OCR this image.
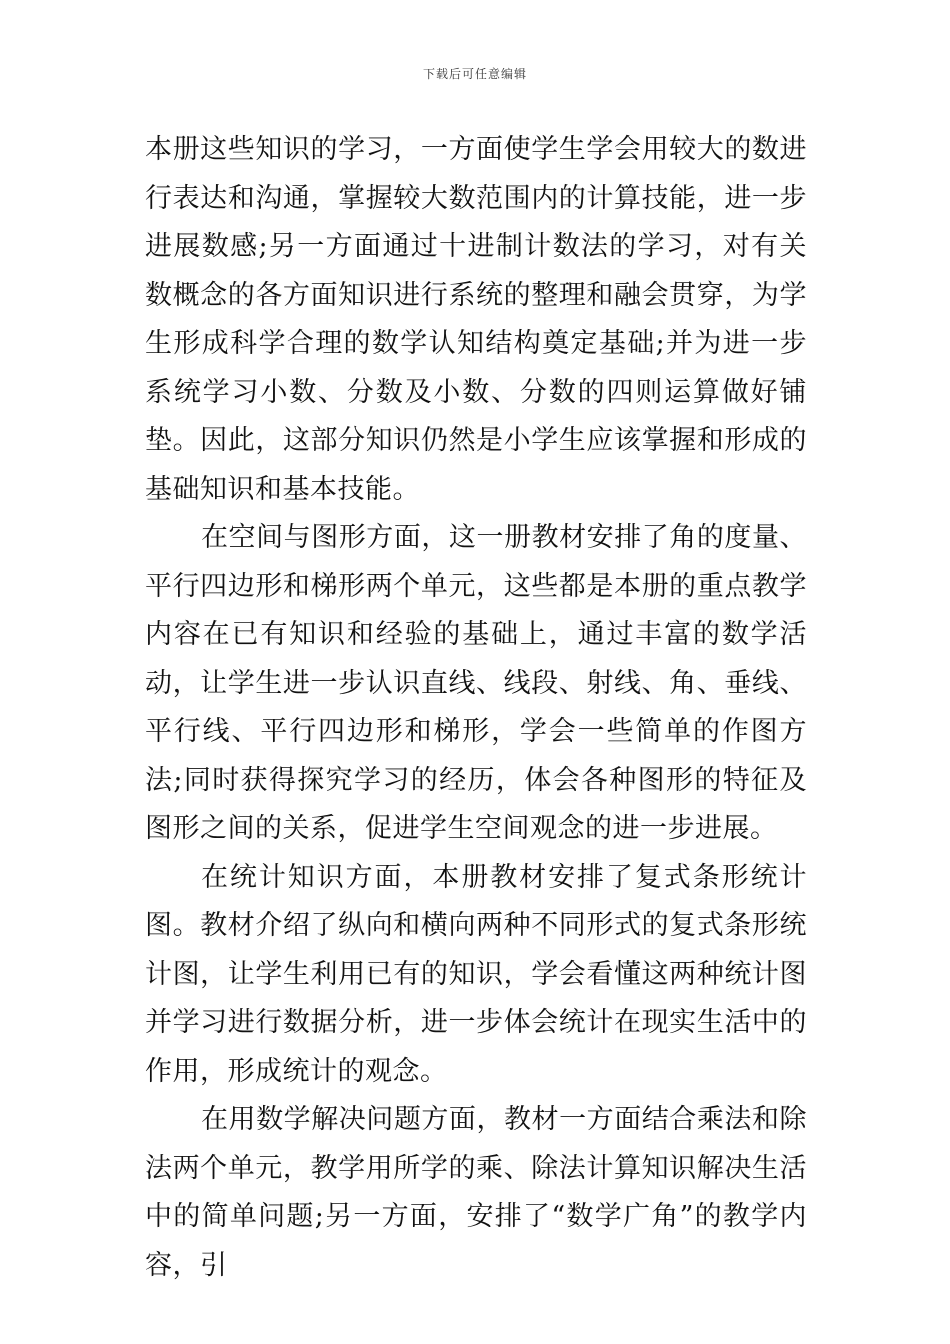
下载后可任意编辑

本册这些知识的学习，一方面使学生学会用较大的数进行表达和沟通，掌握较大数范围内的计算技能，进一步进展数感;另一方面通过十进制计数法的学习，对有关数概念的各方面知识进行系统的整理和融会贯穿，为学生形成科学合理的数学认知结构奠定基础;并为进一步系统学习小数、分数及小数、分数的四则运算做好铺垫。因此，这部分知识仍然是小学生应该掌握和形成的基础知识和基本技能。

在空间与图形方面，这一册教材安排了角的度量、平行四边形和梯形两个单元，这些都是本册的重点教学内容在已有知识和经验的基础上，通过丰富的数学活动，让学生进一步认识直线、线段、射线、角、垂线、平行线、平行四边形和梯形，学会一些简单的作图方法;同时获得探究学习的经历，体会各种图形的特征及图形之间的关系，促进学生空间观念的进一步进展。

在统计知识方面，本册教材安排了复式条形统计图。教材介绍了纵向和横向两种不同形式的复式条形统计图，让学生利用已有的知识，学会看懂这两种统计图并学习进行数据分析，进一步体会统计在现实生活中的作用，形成统计的观念。

在用数学解决问题方面，教材一方面结合乘法和除法两个单元，教学用所学的乘、除法计算知识解决生活中的简单问题;另一方面，安排了“数学广角”的教学内容，引
